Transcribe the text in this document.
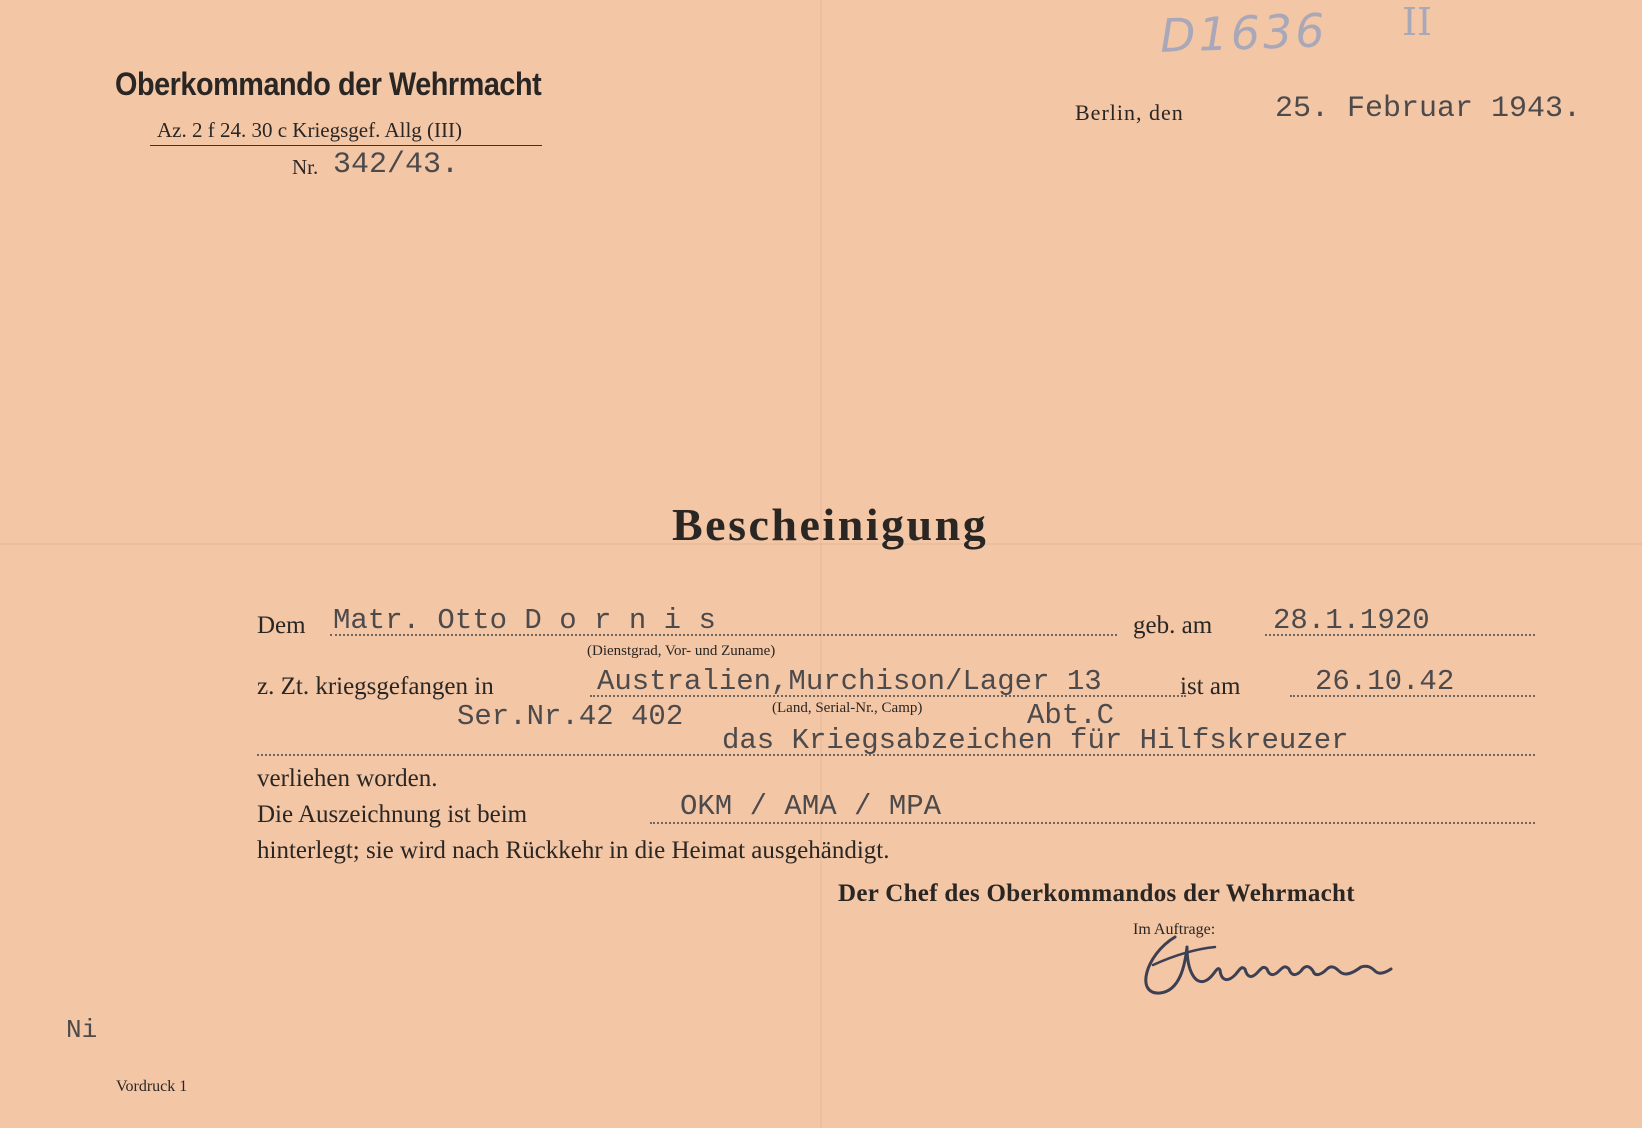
Oberkommando der Wehrmacht
Az. 2 f 24. 30 c Kriegsgef. Allg (III)
Nr. 342/43.
Berlin, den	25. Februar 1943.
D1636 II
Bescheinigung
Dem Matr. Otto D o r n i s	geb. am 28.1.1920
(Dienstgrad, Vor- und Zuname)
z. Zt. kriegsgefangen in	Australien,Murchison/Lager 13	ist am	26.10.42
Ser.Nr.42 402	(Land, Serial-Nr., Camp)	Abt.C
das Kriegsabzeichen für Hilfskreuzer
verliehen worden.
Die Auszeichnung ist beim	OKM / AMA / MPA
hinterlegt; sie wird nach Rückkehr in die Heimat ausgehändigt.
Der Chef des Oberkommandos der Wehrmacht
Im Auftrage:
Ni
Vordruck 1
